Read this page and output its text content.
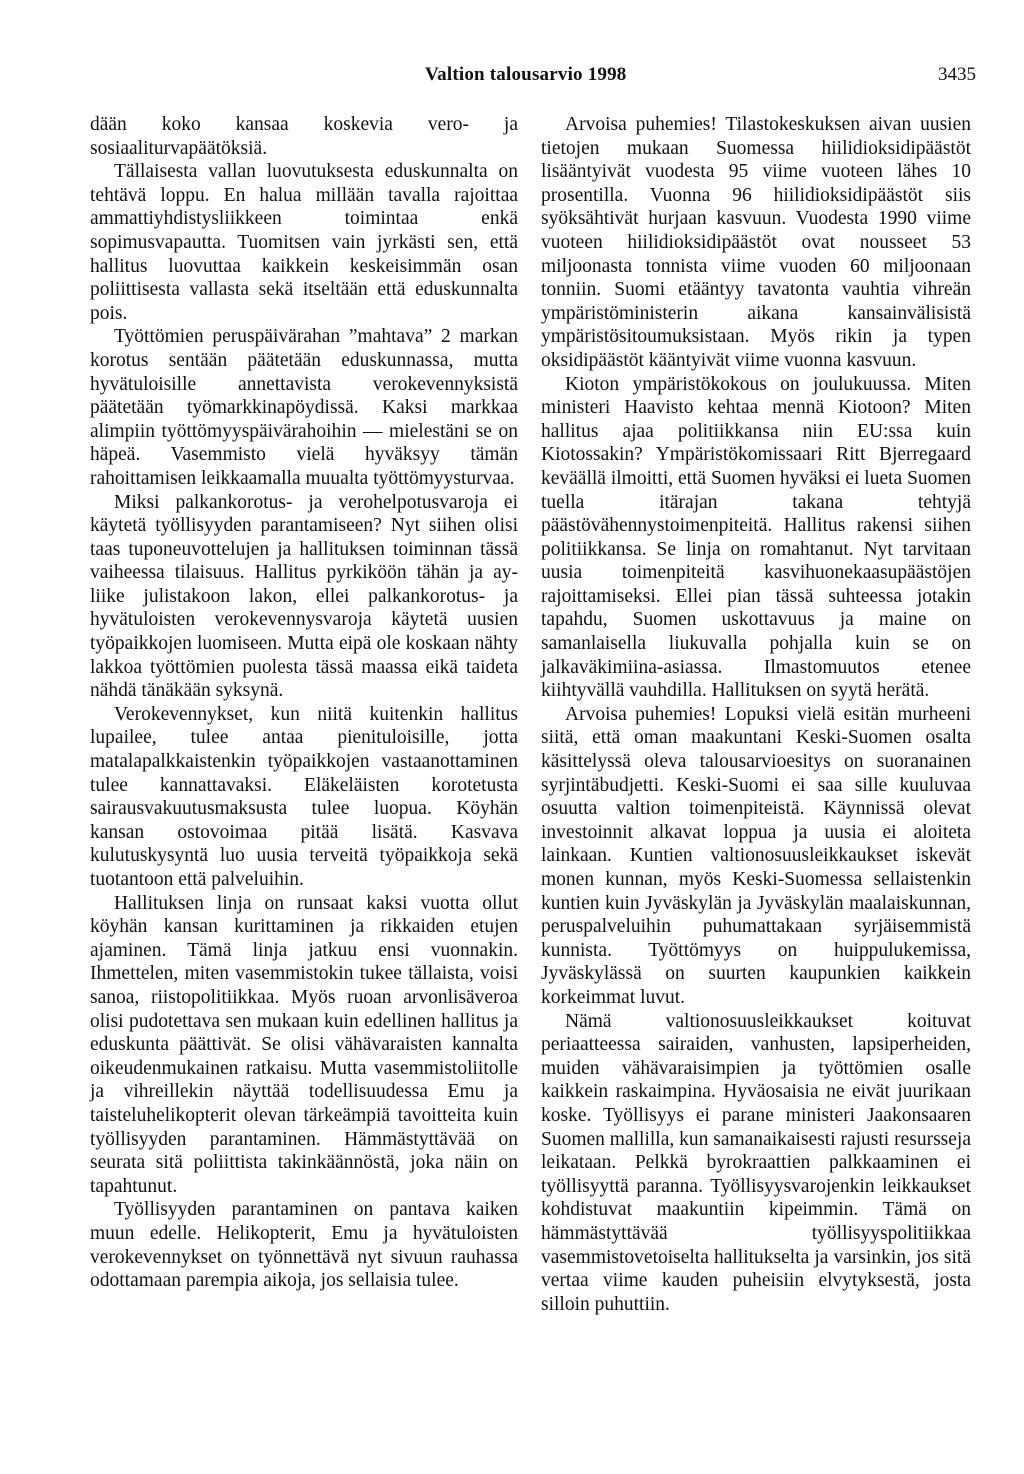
Valtion talousarvio 1998	3435

dään koko kansaa koskevia vero- ja sosiaaliturvapäätöksiä.

Tällaisesta vallan luovutuksesta eduskunnalta on tehtävä loppu. En halua millään tavalla rajoittaa ammattiyhdistysliikkeen toimintaa enkä sopimusvapautta. Tuomitsen vain jyrkästi sen, että hallitus luovuttaa kaikkein keskeisimmän osan poliittisesta vallasta sekä itseltään että eduskunnalta pois.

Työttömien peruspäivärahan ”mahtava” 2 markan korotus sentään päätetään eduskunnassa, mutta hyvätuloisille annettavista verokevennyksistä päätetään työmarkkinapöydissä. Kaksi markkaa alimpiin työttömyyspäivärahoihin — mielestäni se on häpeä. Vasemmisto vielä hyväksyy tämän rahoittamisen leikkaamalla muualta työttömyysturvaa.

Miksi palkankorotus- ja verohelpotusvaroja ei käytetä työllisyyden parantamiseen? Nyt siihen olisi taas tuponeuvottelujen ja hallituksen toiminnan tässä vaiheessa tilaisuus. Hallitus pyrkiköön tähän ja ay-liike julistakoon lakon, ellei palkankorotus- ja hyvätuloisten verokevennysvaroja käytetä uusien työpaikkojen luomiseen. Mutta eipä ole koskaan nähty lakkoa työttömien puolesta tässä maassa eikä taideta nähdä tänäkään syksynä.

Verokevennykset, kun niitä kuitenkin hallitus lupailee, tulee antaa pienituloisille, jotta matalapalkkaistenkin työpaikkojen vastaanottaminen tulee kannattavaksi. Eläkeläisten korotetusta sairausvakuutusmaksusta tulee luopua. Köyhän kansan ostovoimaa pitää lisätä. Kasvava kulutuskysyntä luo uusia terveitä työpaikkoja sekä tuotantoon että palveluihin.

Hallituksen linja on runsaat kaksi vuotta ollut köyhän kansan kurittaminen ja rikkaiden etujen ajaminen. Tämä linja jatkuu ensi vuonnakin. Ihmettelen, miten vasemmistokin tukee tällaista, voisi sanoa, riistopolitiikkaa. Myös ruoan arvonlisäveroa olisi pudotettava sen mukaan kuin edellinen hallitus ja eduskunta päättivät. Se olisi vähävaraisten kannalta oikeudenmukainen ratkaisu. Mutta vasemmistoliitolle ja vihreillekin näyttää todellisuudessa Emu ja taisteluhelikopterit olevan tärkeämpiä tavoitteita kuin työllisyyden parantaminen. Hämmästyttävää on seurata sitä poliittista takinkäännöstä, joka näin on tapahtunut.

Työllisyyden parantaminen on pantava kaiken muun edelle. Helikopterit, Emu ja hyvätuloisten verokevennykset on työnnettävä nyt sivuun rauhassa odottamaan parempia aikoja, jos sellaisia tulee.

Arvoisa puhemies! Tilastokeskuksen aivan uusien tietojen mukaan Suomessa hiilidioksidipäästöt lisääntyivät vuodesta 95 viime vuoteen lähes 10 prosentilla. Vuonna 96 hiilidioksidipäästöt siis syöksähtivät hurjaan kasvuun. Vuodesta 1990 viime vuoteen hiilidioksidipäästöt ovat nousseet 53 miljoonasta tonnista viime vuoden 60 miljoonaan tonniin. Suomi etääntyy tavatonta vauhtia vihreän ympäristöministerin aikana kansainvälisistä ympäristösitoumuksistaan. Myös rikin ja typen oksidipäästöt kääntyivät viime vuonna kasvuun.

Kioton ympäristökokous on joulukuussa. Miten ministeri Haavisto kehtaa mennä Kiotoon? Miten hallitus ajaa politiikkansa niin EU:ssa kuin Kiotossakin? Ympäristökomissaari Ritt Bjerregaard keväällä ilmoitti, että Suomen hyväksi ei lueta Suomen tuella itärajan takana tehtyjä päästövähennystoimenpiteitä. Hallitus rakensi siihen politiikkansa. Se linja on romahtanut. Nyt tarvitaan uusia toimenpiteitä kasvihuonekaasupäästöjen rajoittamiseksi. Ellei pian tässä suhteessa jotakin tapahdu, Suomen uskottavuus ja maine on samanlaisella liukuvalla pohjalla kuin se on jalkaväkimiina-asiassa. Ilmastomuutos etenee kiihtyvällä vauhdilla. Hallituksen on syytä herätä.

Arvoisa puhemies! Lopuksi vielä esitän murheeni siitä, että oman maakuntani Keski-Suomen osalta käsittelyssä oleva talousarvioesitys on suoranainen syrjintäbudjetti. Keski-Suomi ei saa sille kuuluvaa osuutta valtion toimenpiteistä. Käynnissä olevat investoinnit alkavat loppua ja uusia ei aloiteta lainkaan. Kuntien valtionosuusleikkaukset iskevät monen kunnan, myös Keski-Suomessa sellaistenkin kuntien kuin Jyväskylän ja Jyväskylän maalaiskunnan, peruspalveluihin puhumattakaan syrjäisemmistä kunnista. Työttömyys on huippulukemissa, Jyväskylässä on suurten kaupunkien kaikkein korkeimmat luvut.

Nämä valtionosuusleikkaukset koituvat periaatteessa sairaiden, vanhusten, lapsiperheiden, muiden vähävaraisimpien ja työttömien osalle kaikkein raskaimpina. Hyväosaisia ne eivät juurikaan koske. Työllisyys ei parane ministeri Jaakonsaaren Suomen mallilla, kun samanaikaisesti rajusti resursseja leikataan. Pelkkä byrokraattien palkkaaminen ei työllisyyttä paranna. Työllisyysvarojenkin leikkaukset kohdistuvat maakuntiin kipeimmin. Tämä on hämmästyttävää työllisyyspolitiikkaa vasemmistovetoiselta hallitukselta ja varsinkin, jos sitä vertaa viime kauden puheisiin elvytyksestä, josta silloin puhuttiin.
